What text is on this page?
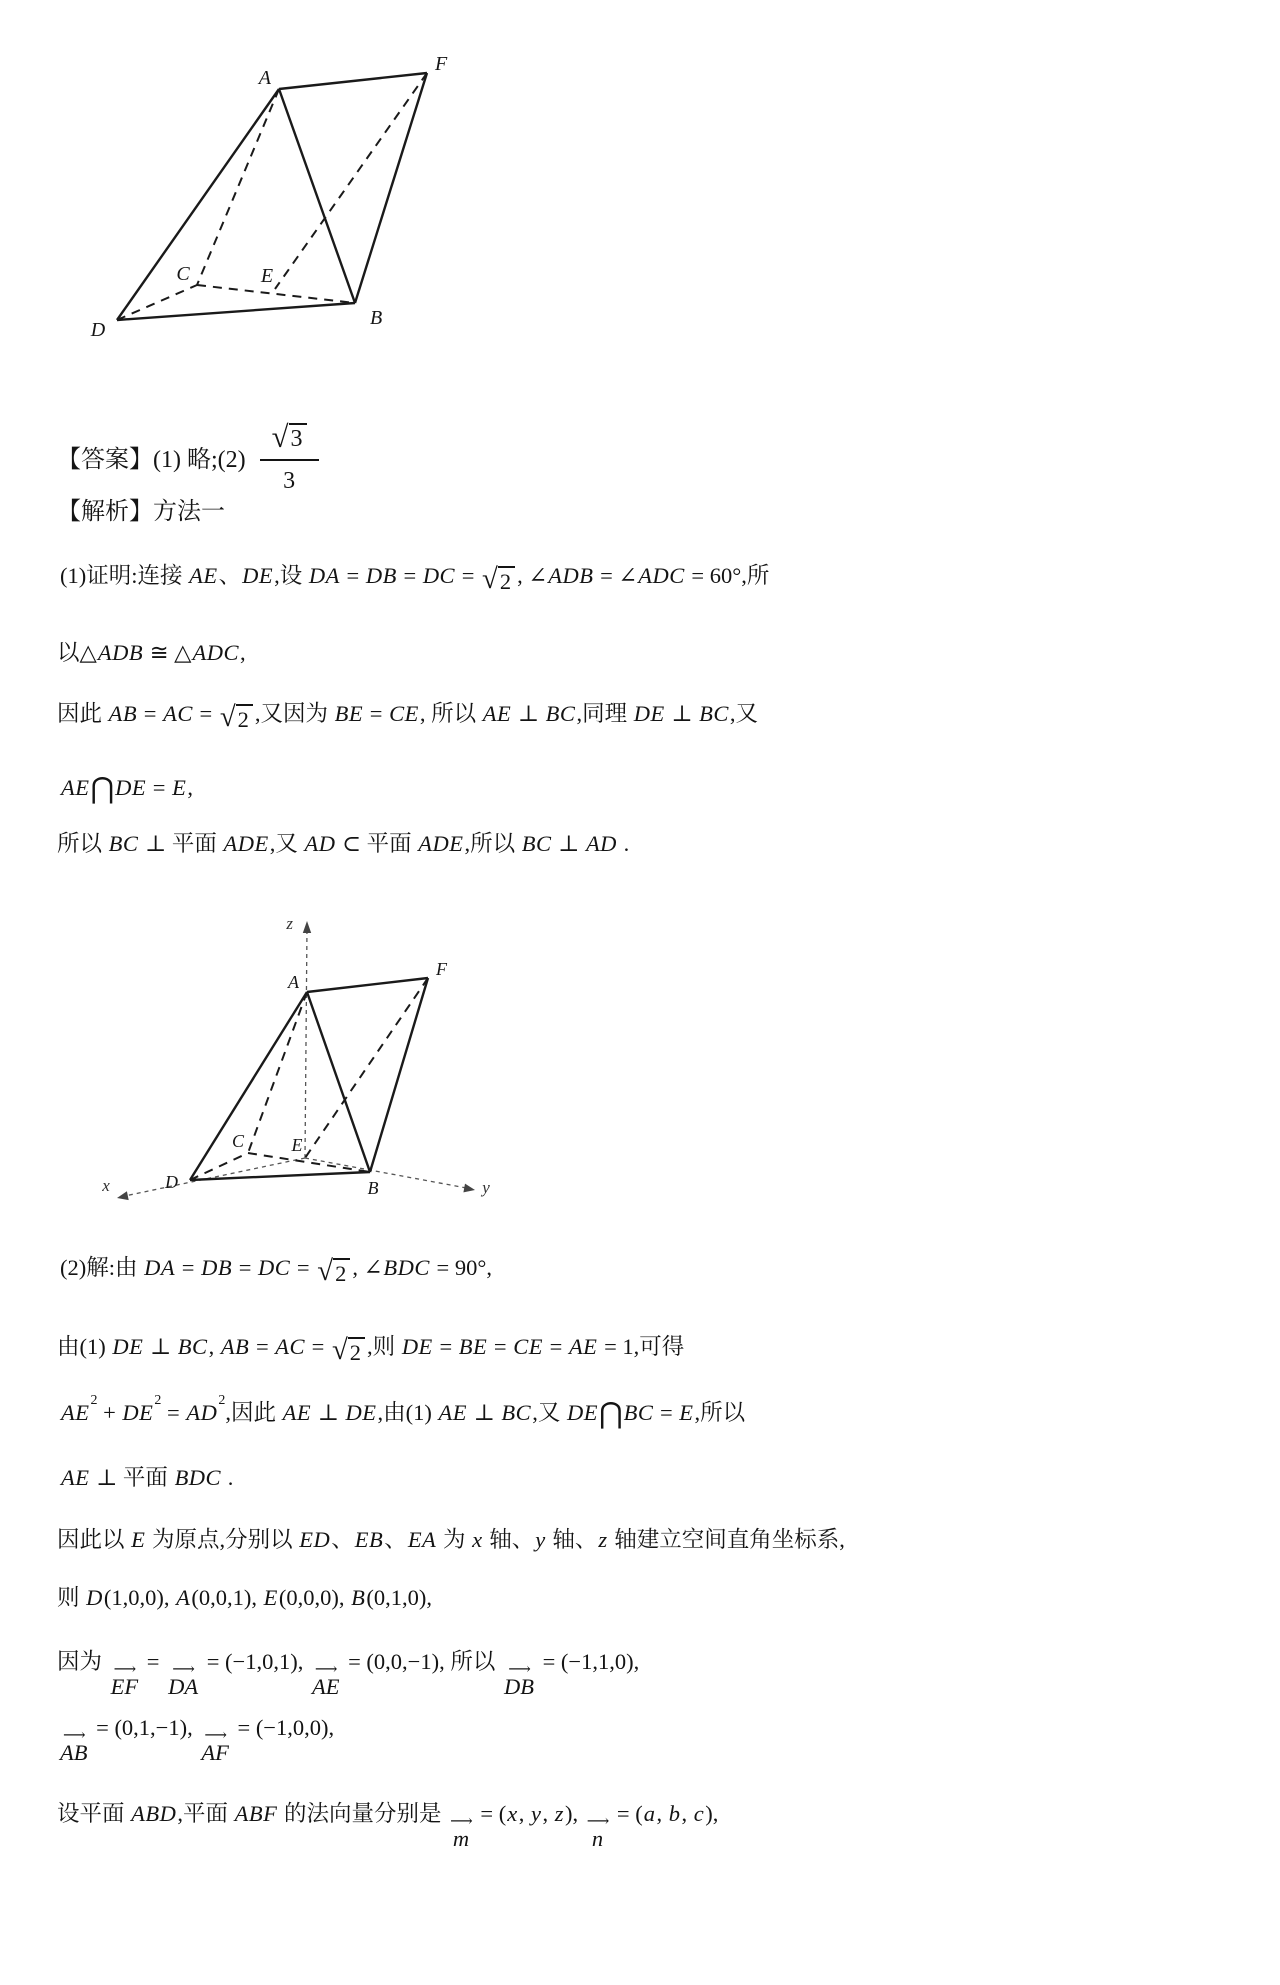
A
F
C	E
D
B
【答案】(1) 略;(2) $\frac{√ 3}{3}$
【解析】方法一
(1)证明:连接 AE、DE,设 DA = DB = DC = √ 2 , ∠ADB = ∠ADC = 60°,所
以△ADB ≅ △ADC,
因此 AB = AC = √ 2 ,又因为 BE = CE, 所以 AE ⊥ BC,同理 DE ⊥ BC,又
AE⋂DE = E,
所以 BC ⊥ 平面 ADE,又 AD ⊂ 平面 ADE,所以 BC ⊥ AD .
z
x	y
A
F
C	E
D	B
(2)解:由 DA = DB = DC = √ 2 , ∠BDC = 90°,
由(1) DE ⊥ BC, AB = AC = √ 2 ,则 DE = BE = CE = AE = 1,可得
$AE^2 + DE^2 = AD^2$,因此 AE ⊥ DE,由(1) AE ⊥ BC,又 DE⋂BC = E,所以
AE ⊥ 平面 BDC .
因此以 E 为原点,分别以 ED、EB、EA 为 x 轴、y 轴、z 轴建立空间直角坐标系,
则 D(1,0,0), A(0,0,1), E(0,0,0), B(0,1,0),
因为 ⟶
EF
= ⟶
DA
= (−1,0,1), ⟶
AE
= (0,0,−1), 所以 ⟶
DB
= (−1,1,0),
⟶
AB
= (0,1,−1), ⟶
AF
= (−1,0,0),
设平面 ABD,平面 ABF 的法向量分别是 ⟶
m
= (x, y, z), ⟶
n
= (a, b, c),
